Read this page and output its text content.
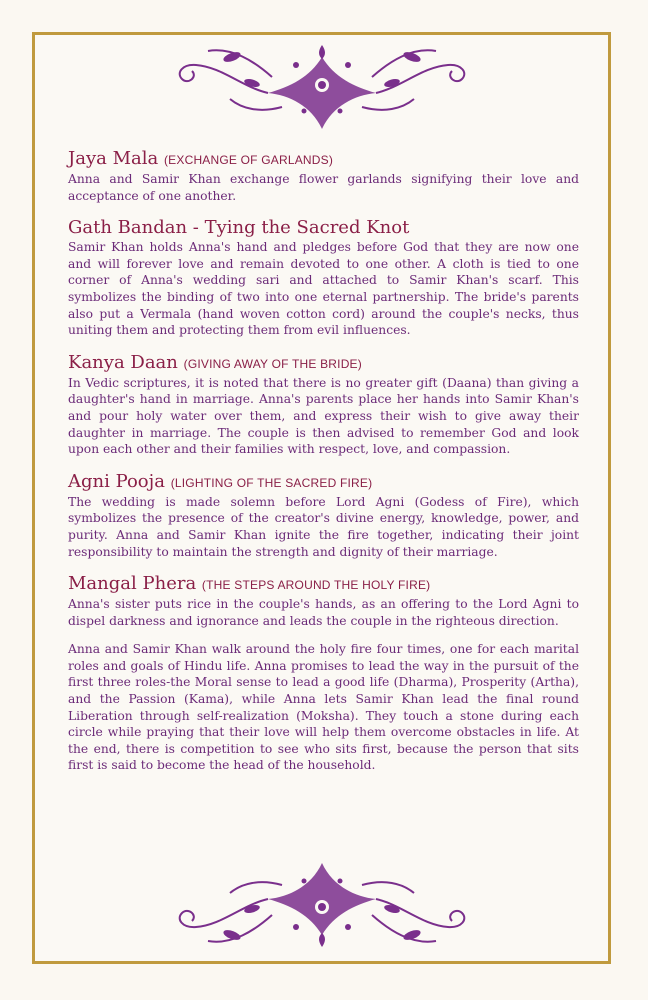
Jaya Mala (EXCHANGE OF GARLANDS)

Anna and Samir Khan exchange flower garlands signifying their love and acceptance of one another.

Gath Bandan - Tying the Sacred Knot

Samir Khan holds Anna's hand and pledges before God that they are now one and will forever love and remain devoted to one other. A cloth is tied to one corner of Anna's wedding sari and attached to Samir Khan's scarf. This symbolizes the binding of two into one eternal partnership. The bride's parents also put a Vermala (hand woven cotton cord) around the couple's necks, thus uniting them and protecting them from evil influences.

Kanya Daan (GIVING AWAY OF THE BRIDE)

In Vedic scriptures, it is noted that there is no greater gift (Daana) than giving a daughter's hand in marriage. Anna's parents place her hands into Samir Khan's and pour holy water over them, and express their wish to give away their daughter in marriage. The couple is then advised to remember God and look upon each other and their families with respect, love, and compassion.

Agni Pooja (LIGHTING OF THE SACRED FIRE)

The wedding is made solemn before Lord Agni (Godess of Fire), which symbolizes the presence of the creator's divine energy, knowledge, power, and purity. Anna and Samir Khan ignite the fire together, indicating their joint responsibility to maintain the strength and dignity of their marriage.

Mangal Phera (THE STEPS AROUND THE HOLY FIRE)

Anna's sister puts rice in the couple's hands, as an offering to the Lord Agni to dispel darkness and ignorance and leads the couple in the righteous direction.

Anna and Samir Khan walk around the holy fire four times, one for each marital roles and goals of Hindu life. Anna promises to lead the way in the pursuit of the first three roles-the Moral sense to lead a good life (Dharma), Prosperity (Artha), and the Passion (Kama), while Anna lets Samir Khan lead the final round Liberation through self-realization (Moksha). They touch a stone during each circle while praying that their love will help them overcome obstacles in life. At the end, there is competition to see who sits first, because the person that sits first is said to become the head of the household.
